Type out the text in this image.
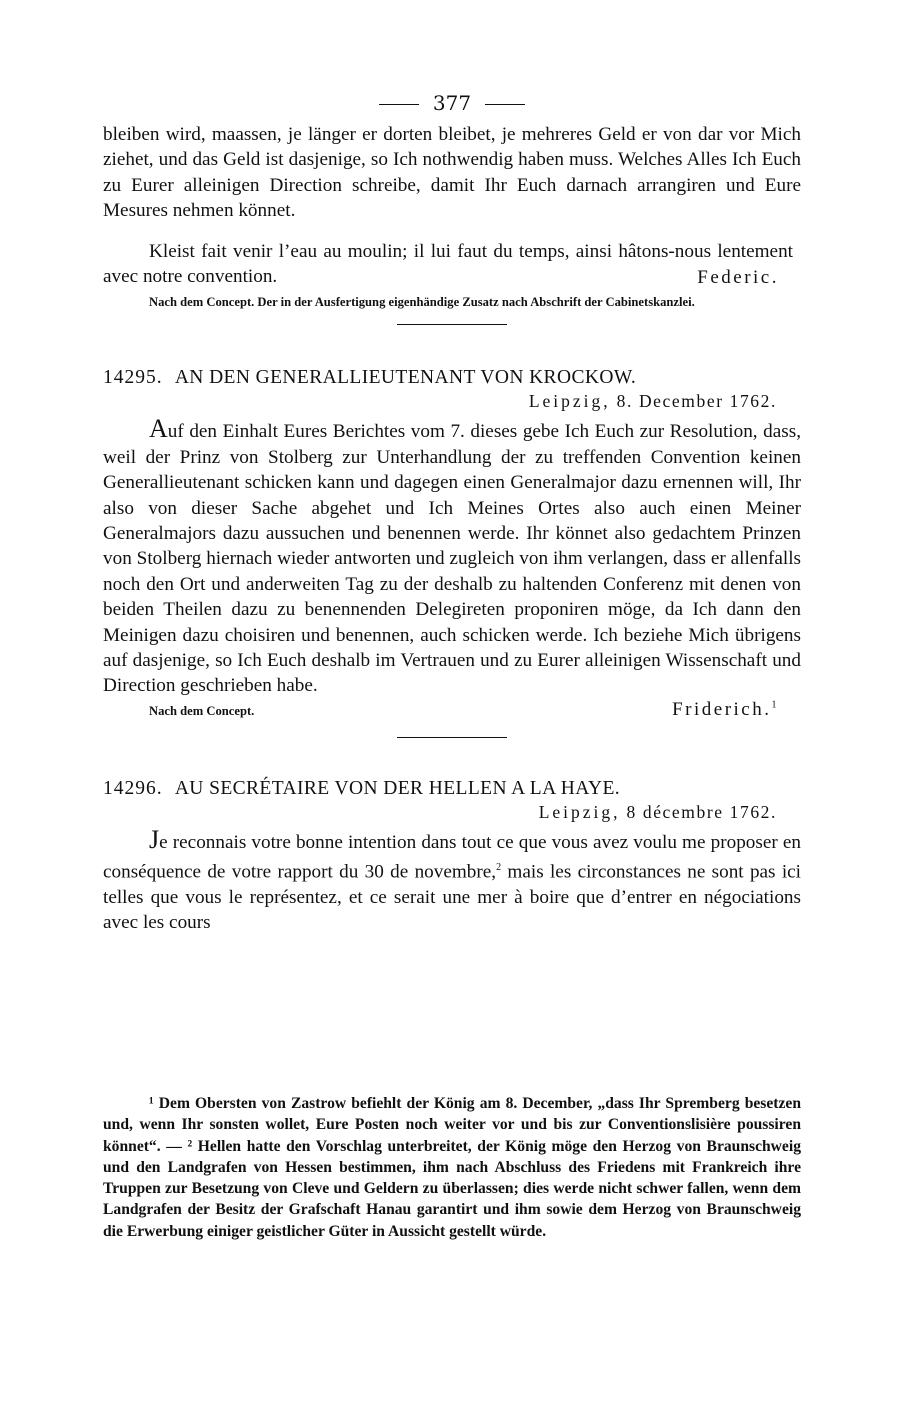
377

bleiben wird, maassen, je länger er dorten bleibet, je mehreres Geld er von dar vor Mich ziehet, und das Geld ist dasjenige, so Ich nothwendig haben muss. Welches Alles Ich Euch zu Eurer alleinigen Direction schreibe, damit Ihr Euch darnach arrangiren und Eure Mesures nehmen könnet.

Kleist fait venir l’eau au moulin; il lui faut du temps, ainsi hâtons-nous lentement avec notre convention.	Federic.
Nach dem Concept. Der in der Ausfertigung eigenhändige Zusatz nach Abschrift der Cabinetskanzlei.
14295. AN DEN GENERALLIEUTENANT VON KROCKOW.
Leipzig, 8. December 1762.

Auf den Einhalt Eures Berichtes vom 7. dieses gebe Ich Euch zur Resolution, dass, weil der Prinz von Stolberg zur Unterhandlung der zu treffenden Convention keinen Generallieutenant schicken kann und dagegen einen Generalmajor dazu ernennen will, Ihr also von dieser Sache abgehet und Ich Meines Ortes also auch einen Meiner Generalmajors dazu aussuchen und benennen werde. Ihr könnet also gedachtem Prinzen von Stolberg hiernach wieder antworten und zugleich von ihm verlangen, dass er allenfalls noch den Ort und anderweiten Tag zu der deshalb zu haltenden Conferenz mit denen von beiden Theilen dazu zu benennenden Delegireten proponiren möge, da Ich dann den Meinigen dazu choisiren und benennen, auch schicken werde. Ich beziehe Mich übrigens auf dasjenige, so Ich Euch deshalb im Vertrauen und zu Eurer alleinigen Wissenschaft und Direction geschrieben habe.

Nach dem Concept.	Friderich.$^1$
14296. AU SECRÉTAIRE VON DER HELLEN A LA HAYE.
Leipzig, 8 décembre 1762.

Je reconnais votre bonne intention dans tout ce que vous avez voulu me proposer en conséquence de votre rapport du 30 de novembre,$^2$ mais les circonstances ne sont pas ici telles que vous le représentez, et ce serait une mer à boire que d’entrer en négociations avec les cours

¹ Dem Obersten von Zastrow befiehlt der König am 8. December, „dass Ihr Spremberg besetzen und, wenn Ihr sonsten wollet, Eure Posten noch weiter vor und bis zur Conventionslisière poussiren könnet“. — ² Hellen hatte den Vorschlag unterbreitet, der König möge den Herzog von Braunschweig und den Landgrafen von Hessen bestimmen, ihm nach Abschluss des Friedens mit Frankreich ihre Truppen zur Besetzung von Cleve und Geldern zu überlassen; dies werde nicht schwer fallen, wenn dem Landgrafen der Besitz der Grafschaft Hanau garantirt und ihm sowie dem Herzog von Braunschweig die Erwerbung einiger geistlicher Güter in Aussicht gestellt würde.
